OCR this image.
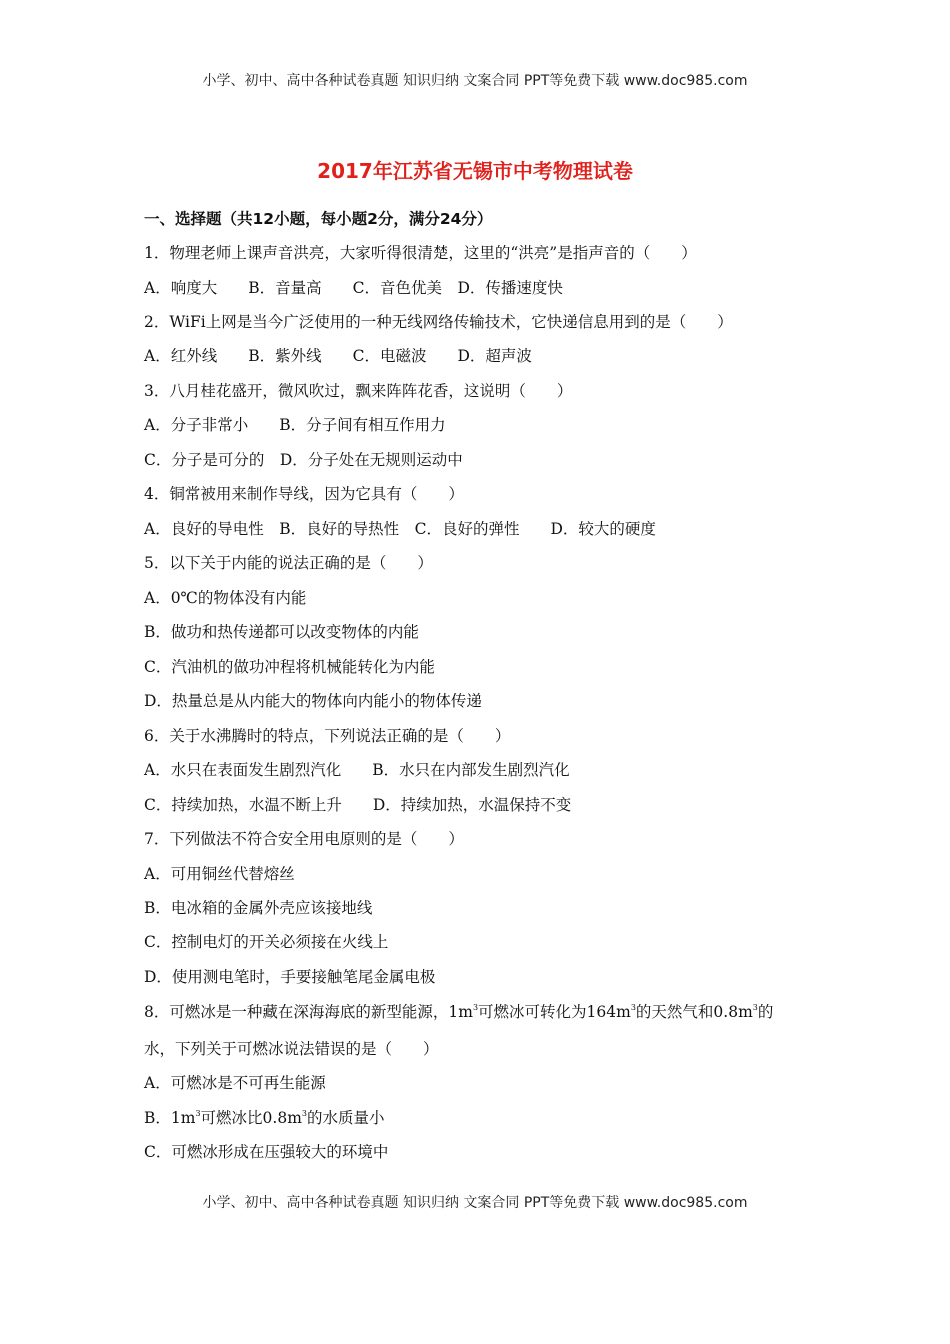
小学、初中、高中各种试卷真题 知识归纳 文案合同 PPT等免费下载 www.doc985.com
2017年江苏省无锡市中考物理试卷
一、选择题（共12小题，每小题2分，满分24分）
1．物理老师上课声音洪亮，大家听得很清楚，这里的“洪亮”是指声音的（　　）
A．响度大　　B．音量高　　C．音色优美　D．传播速度快
2．WiFi上网是当今广泛使用的一种无线网络传输技术，它快递信息用到的是（　　）
A．红外线　　B．紫外线　　C．电磁波　　D．超声波
3．八月桂花盛开，微风吹过，飘来阵阵花香，这说明（　　）
A．分子非常小　　B．分子间有相互作用力
C．分子是可分的　D．分子处在无规则运动中
4．铜常被用来制作导线，因为它具有（　　）
A．良好的导电性　B．良好的导热性　C．良好的弹性　　D．较大的硬度
5．以下关于内能的说法正确的是（　　）
A．0℃的物体没有内能
B．做功和热传递都可以改变物体的内能
C．汽油机的做功冲程将机械能转化为内能
D．热量总是从内能大的物体向内能小的物体传递
6．关于水沸腾时的特点，下列说法正确的是（　　）
A．水只在表面发生剧烈汽化　　B．水只在内部发生剧烈汽化
C．持续加热，水温不断上升　　D．持续加热，水温保持不变
7．下列做法不符合安全用电原则的是（　　）
A．可用铜丝代替熔丝
B．电冰箱的金属外壳应该接地线
C．控制电灯的开关必须接在火线上
D．使用测电笔时，手要接触笔尾金属电极
8．可燃冰是一种藏在深海海底的新型能源，$1m^3$可燃冰可转化为$164m^3$的天然气和$0.8m^3$的
水，下列关于可燃冰说法错误的是（　　）
A．可燃冰是不可再生能源
B．$1m^3$可燃冰比$0.8m^3$的水质量小
C．可燃冰形成在压强较大的环境中
小学、初中、高中各种试卷真题 知识归纳 文案合同 PPT等免费下载 www.doc985.com
